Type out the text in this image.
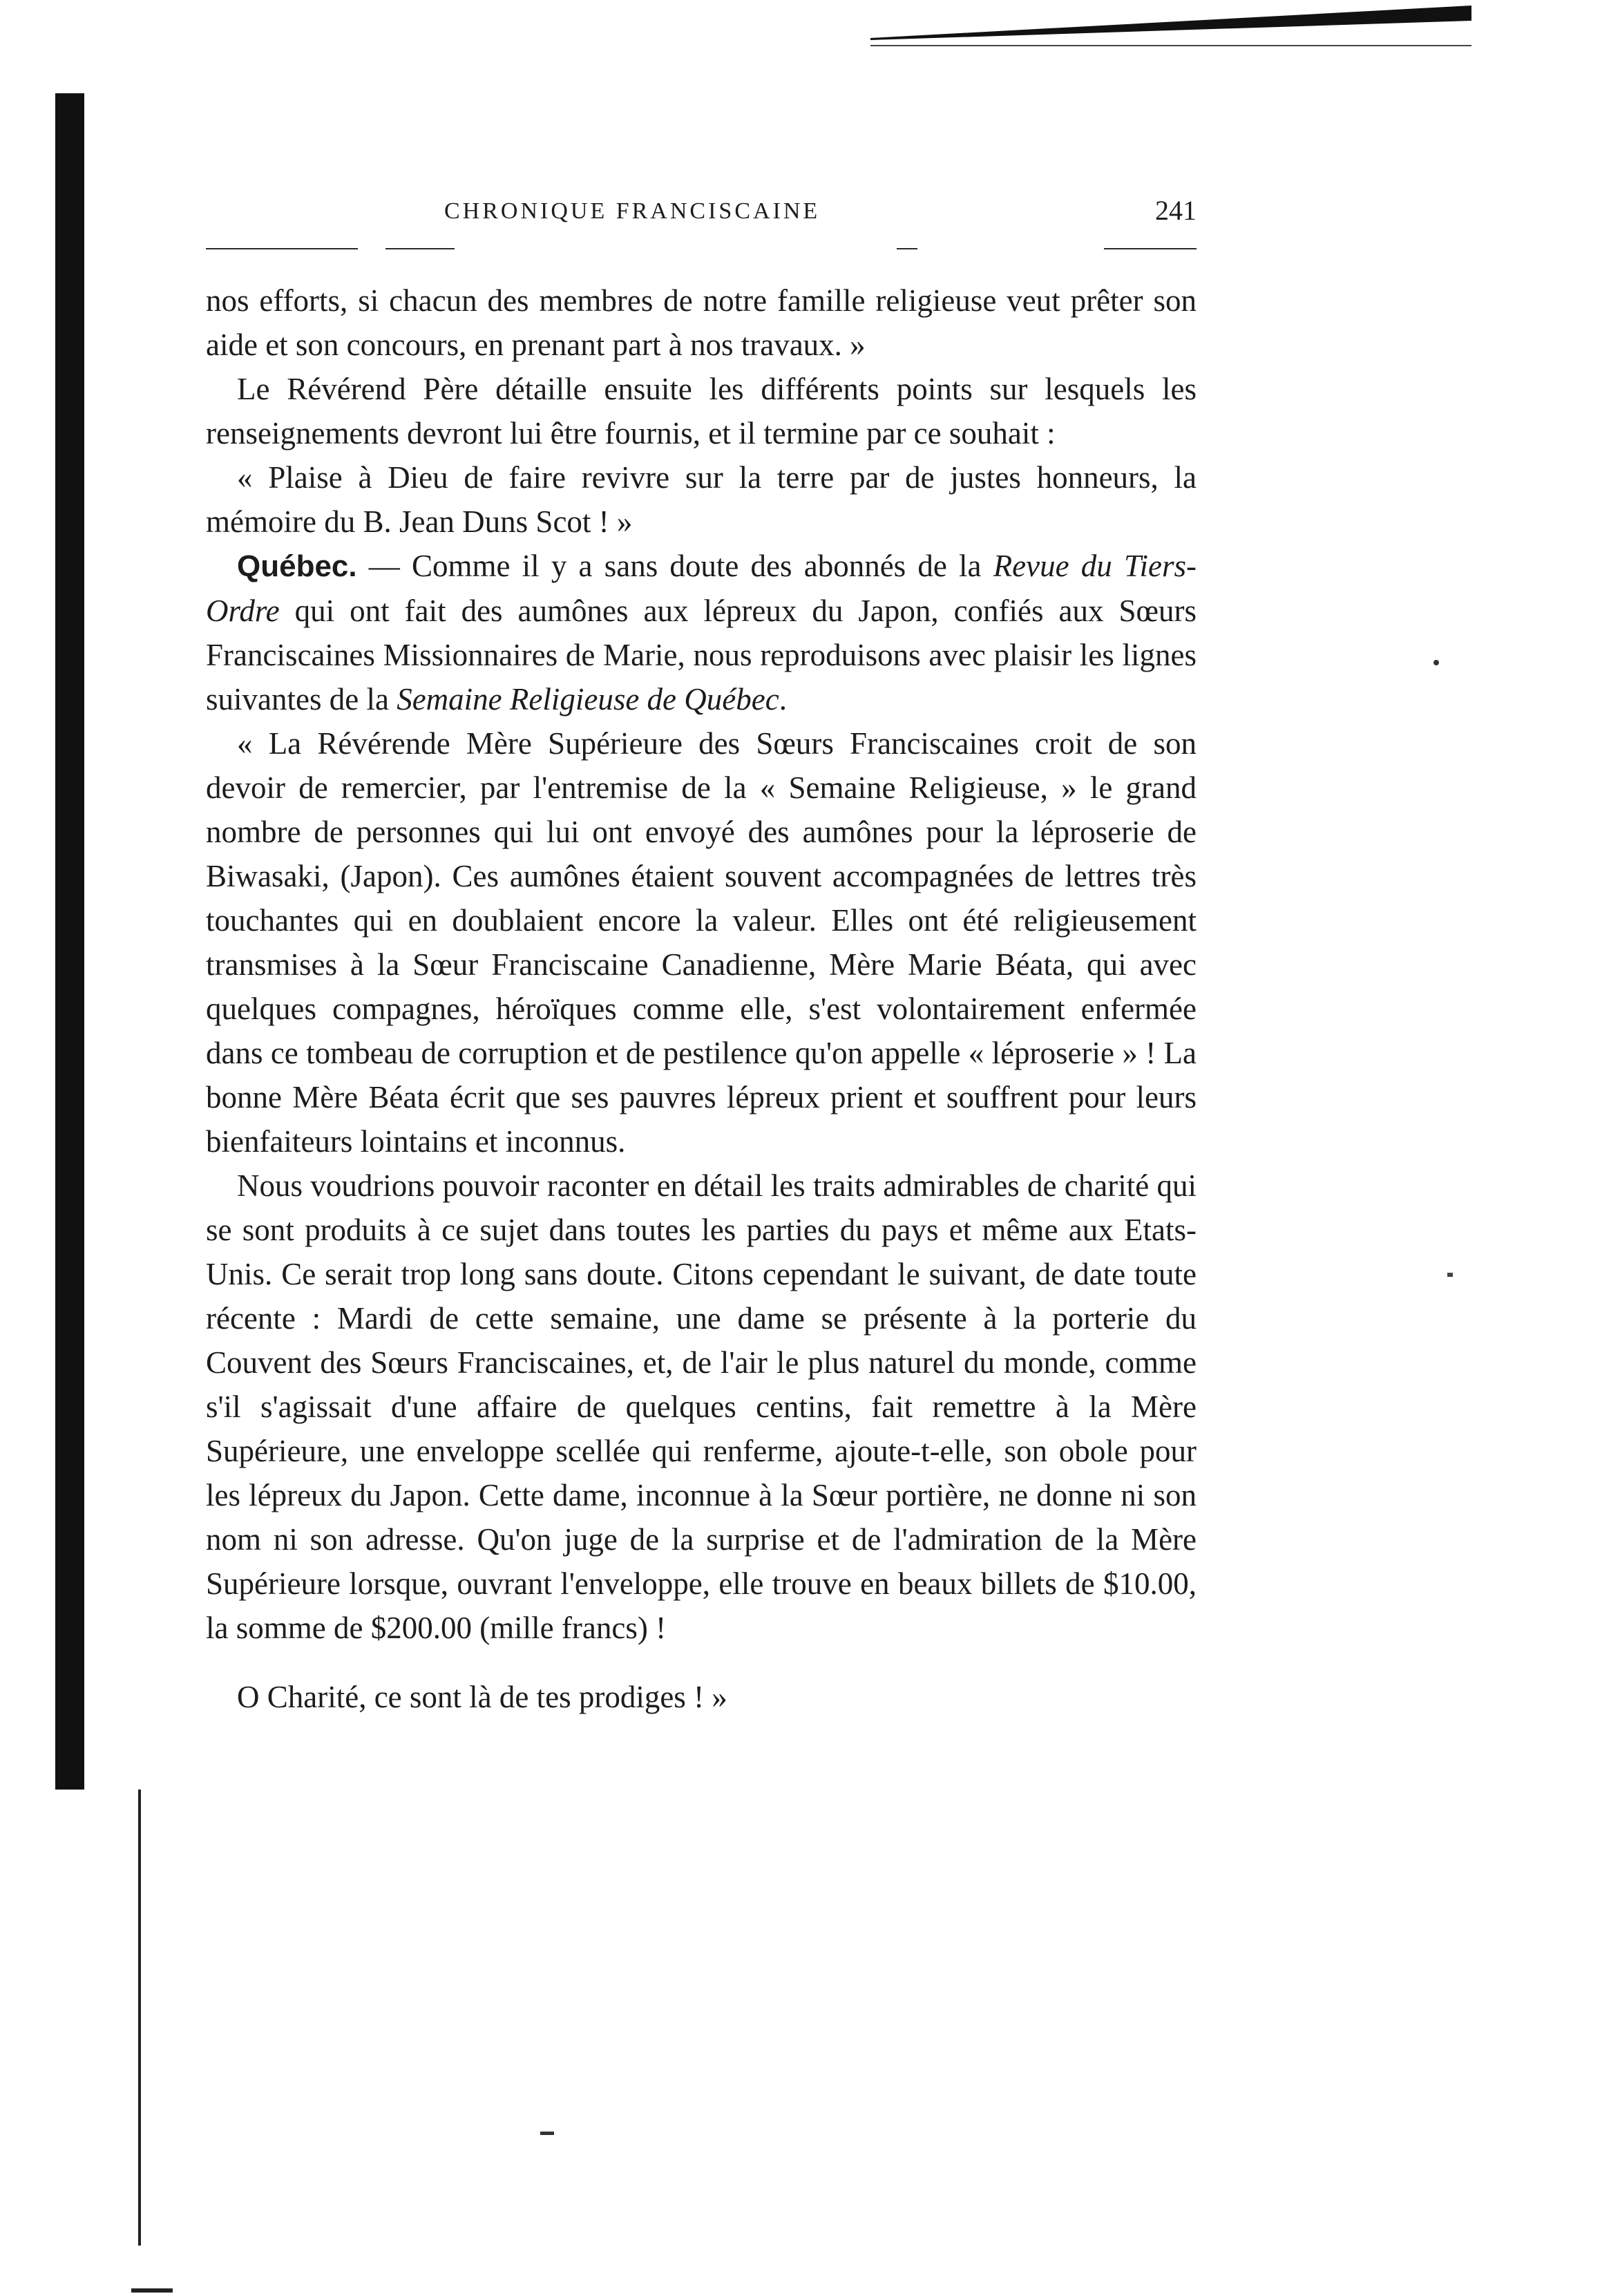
CHRONIQUE FRANCISCAINE	241

nos efforts, si chacun des membres de notre famille religieuse veut prêter son aide et son concours, en prenant part à nos travaux. »

Le Révérend Père détaille ensuite les différents points sur lesquels les renseignements devront lui être fournis, et il termine par ce souhait :

« Plaise à Dieu de faire revivre sur la terre par de justes honneurs, la mémoire du B. Jean Duns Scot ! »

Québec. — Comme il y a sans doute des abonnés de la Revue du Tiers-Ordre qui ont fait des aumônes aux lépreux du Japon, confiés aux Sœurs Franciscaines Missionnaires de Marie, nous reproduisons avec plaisir les lignes suivantes de la Semaine Religieuse de Québec.

« La Révérende Mère Supérieure des Sœurs Franciscaines croit de son devoir de remercier, par l'entremise de la « Semaine Religieuse, » le grand nombre de personnes qui lui ont envoyé des aumônes pour la léproserie de Biwasaki, (Japon). Ces aumônes étaient souvent accompagnées de lettres très touchantes qui en doublaient encore la valeur. Elles ont été religieusement transmises à la Sœur Franciscaine Canadienne, Mère Marie Béata, qui avec quelques compagnes, héroïques comme elle, s'est volontairement enfermée dans ce tombeau de corruption et de pestilence qu'on appelle « léproserie » ! La bonne Mère Béata écrit que ses pauvres lépreux prient et souffrent pour leurs bienfaiteurs lointains et inconnus.

Nous voudrions pouvoir raconter en détail les traits admirables de charité qui se sont produits à ce sujet dans toutes les parties du pays et même aux Etats-Unis. Ce serait trop long sans doute. Citons cependant le suivant, de date toute récente : Mardi de cette semaine, une dame se présente à la porterie du Couvent des Sœurs Franciscaines, et, de l'air le plus naturel du monde, comme s'il s'agissait d'une affaire de quelques centins, fait remettre à la Mère Supérieure, une enveloppe scellée qui renferme, ajoute-t-elle, son obole pour les lépreux du Japon. Cette dame, inconnue à la Sœur portière, ne donne ni son nom ni son adresse. Qu'on juge de la surprise et de l'admiration de la Mère Supérieure lorsque, ouvrant l'enveloppe, elle trouve en beaux billets de $10.00, la somme de $200.00 (mille francs) !

O Charité, ce sont là de tes prodiges ! »
